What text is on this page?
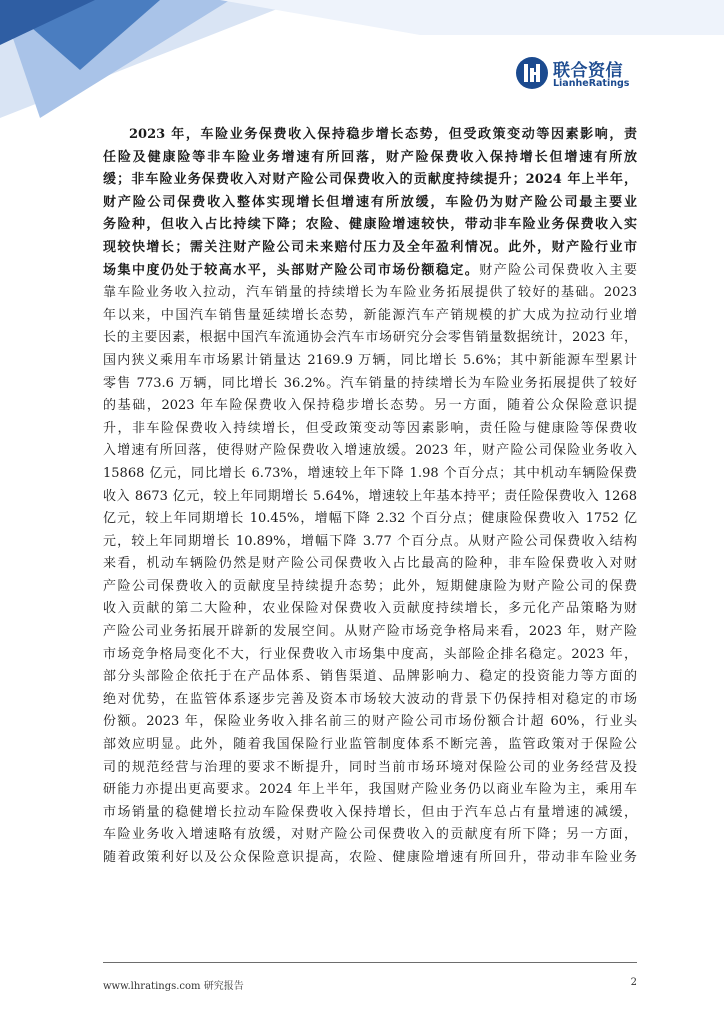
联合资信
LianheRatings
2023 年，车险业务保费收入保持稳步增长态势，但受政策变动等因素影响，责
任险及健康险等非车险业务增速有所回落，财产险保费收入保持增长但增速有所放
缓；非车险业务保费收入对财产险公司保费收入的贡献度持续提升；2024 年上半年，
财产险公司保费收入整体实现增长但增速有所放缓，车险仍为财产险公司最主要业
务险种，但收入占比持续下降；农险、健康险增速较快，带动非车险业务保费收入实
现较快增长；需关注财产险公司未来赔付压力及全年盈利情况。此外，财产险行业市
场集中度仍处于较高水平，头部财产险公司市场份额稳定。财产险公司保费收入主要
靠车险业务收入拉动，汽车销量的持续增长为车险业务拓展提供了较好的基础。2023
年以来，中国汽车销售量延续增长态势，新能源汽车产销规模的扩大成为拉动行业增
长的主要因素，根据中国汽车流通协会汽车市场研究分会零售销量数据统计，2023 年，
国内狭义乘用车市场累计销量达 2169.9 万辆，同比增长 5.6%；其中新能源车型累计
零售 773.6 万辆，同比增长 36.2%。汽车销量的持续增长为车险业务拓展提供了较好
的基础，2023 年车险保费收入保持稳步增长态势。另一方面，随着公众保险意识提
升，非车险保费收入持续增长，但受政策变动等因素影响，责任险与健康险等保费收
入增速有所回落，使得财产险保费收入增速放缓。2023 年，财产险公司保险业务收入
15868 亿元，同比增长 6.73%，增速较上年下降 1.98 个百分点；其中机动车辆险保费
收入 8673 亿元，较上年同期增长 5.64%，增速较上年基本持平；责任险保费收入 1268
亿元，较上年同期增长 10.45%，增幅下降 2.32 个百分点；健康险保费收入 1752 亿
元，较上年同期增长 10.89%，增幅下降 3.77 个百分点。从财产险公司保费收入结构
来看，机动车辆险仍然是财产险公司保费收入占比最高的险种，非车险保费收入对财
产险公司保费收入的贡献度呈持续提升态势；此外，短期健康险为财产险公司的保费
收入贡献的第二大险种，农业保险对保费收入贡献度持续增长，多元化产品策略为财
产险公司业务拓展开辟新的发展空间。从财产险市场竞争格局来看，2023 年，财产险
市场竞争格局变化不大，行业保费收入市场集中度高，头部险企排名稳定。2023 年，
部分头部险企依托于在产品体系、销售渠道、品牌影响力、稳定的投资能力等方面的
绝对优势，在监管体系逐步完善及资本市场较大波动的背景下仍保持相对稳定的市场
份额。2023 年，保险业务收入排名前三的财产险公司市场份额合计超 60%，行业头
部效应明显。此外，随着我国保险行业监管制度体系不断完善，监管政策对于保险公
司的规范经营与治理的要求不断提升，同时当前市场环境对保险公司的业务经营及投
研能力亦提出更高要求。2024 年上半年，我国财产险业务仍以商业车险为主，乘用车
市场销量的稳健增长拉动车险保费收入保持增长，但由于汽车总占有量增速的减缓，
车险业务收入增速略有放缓，对财产险公司保费收入的贡献度有所下降；另一方面，
随着政策利好以及公众保险意识提高，农险、健康险增速有所回升，带动非车险业务
www.lhratings.com 研究报告	2
